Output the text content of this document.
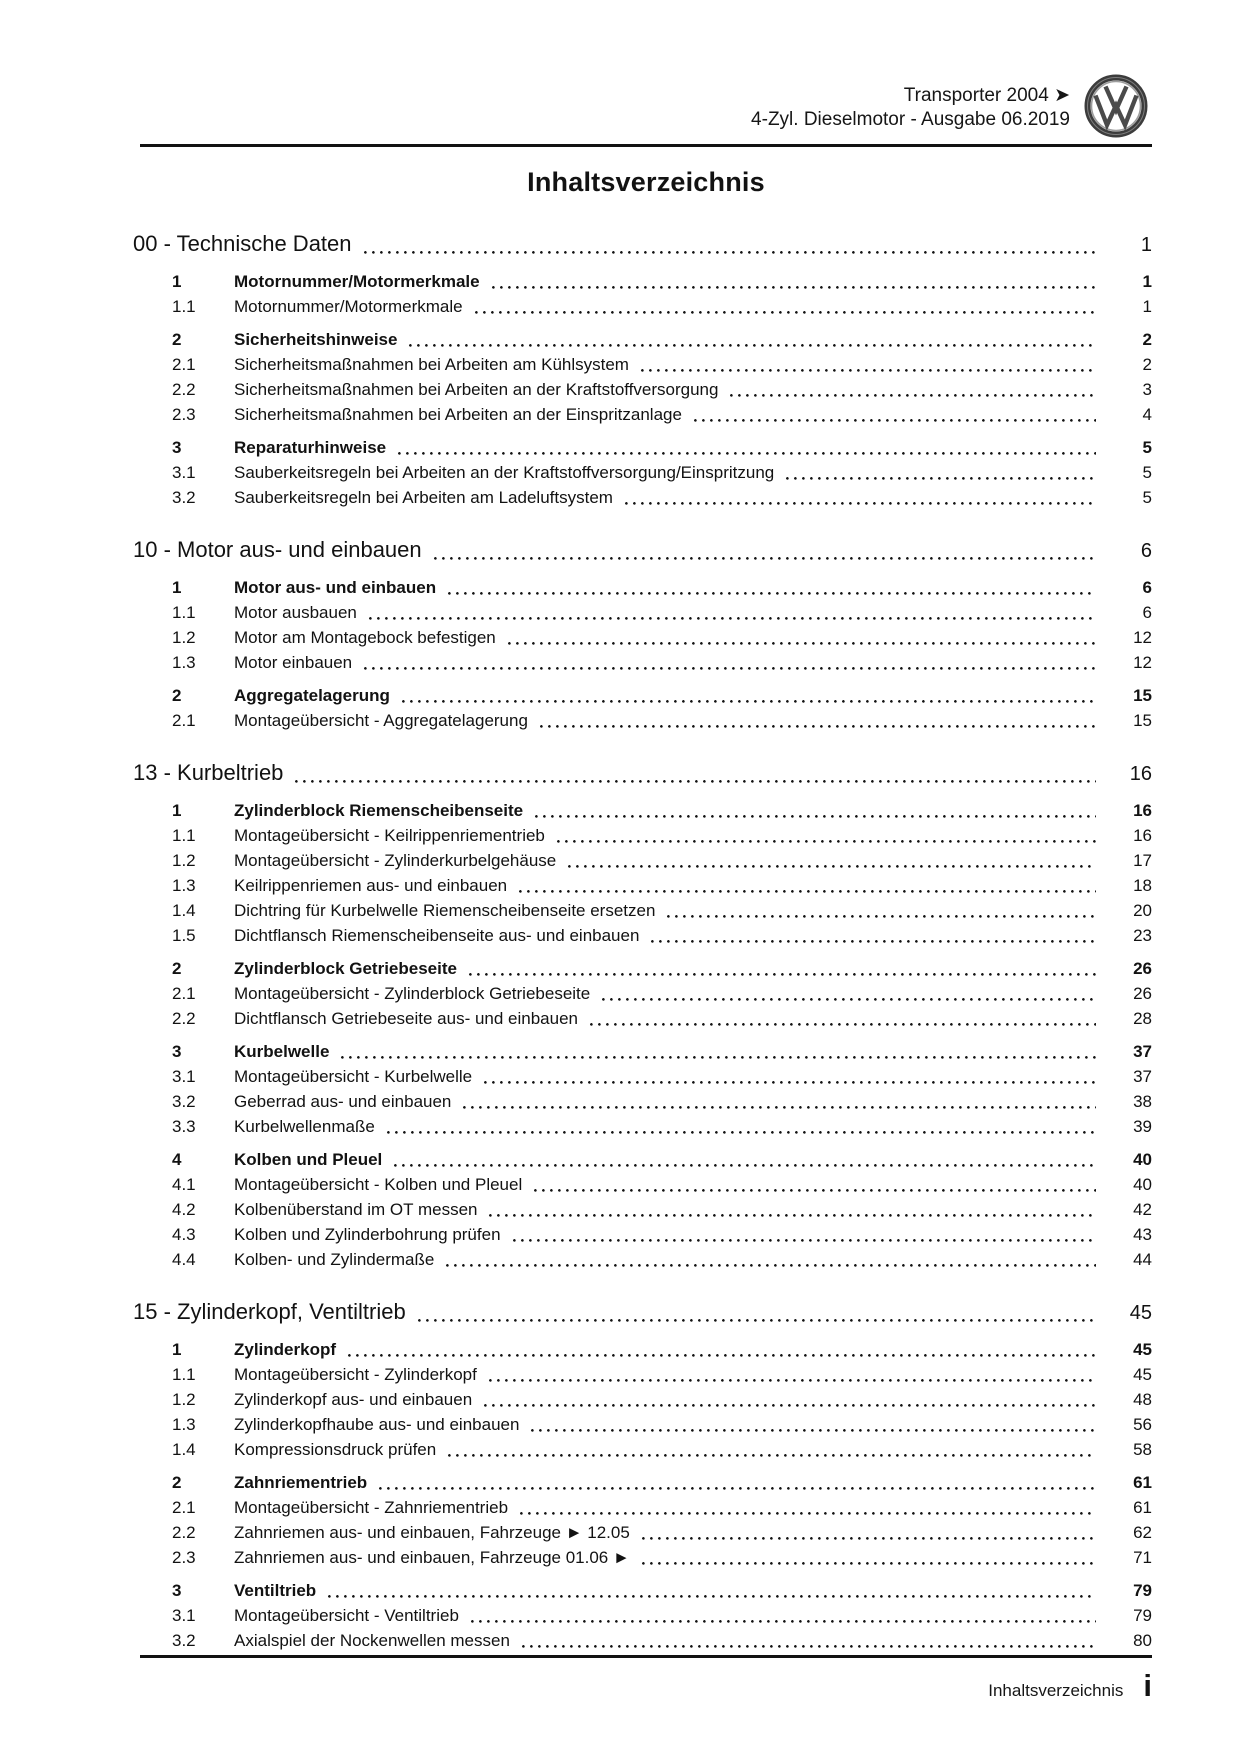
Transporter 2004 ➤
4-Zyl. Dieselmotor - Ausgabe 06.2019
Inhaltsverzeichnis
00 - Technische Daten	1
1	Motornummer/Motormerkmale	1
1.1	Motornummer/Motormerkmale	1
2	Sicherheitshinweise	2
2.1	Sicherheitsmaßnahmen bei Arbeiten am Kühlsystem	2
2.2	Sicherheitsmaßnahmen bei Arbeiten an der Kraftstoffversorgung	3
2.3	Sicherheitsmaßnahmen bei Arbeiten an der Einspritzanlage	4
3	Reparaturhinweise	5
3.1	Sauberkeitsregeln bei Arbeiten an der Kraftstoffversorgung/Einspritzung	5
3.2	Sauberkeitsregeln bei Arbeiten am Ladeluftsystem	5
10 - Motor aus- und einbauen	6
1	Motor aus- und einbauen	6
1.1	Motor ausbauen	6
1.2	Motor am Montagebock befestigen	12
1.3	Motor einbauen	12
2	Aggregatelagerung	15
2.1	Montageübersicht - Aggregatelagerung	15
13 - Kurbeltrieb	16
1	Zylinderblock Riemenscheibenseite	16
1.1	Montageübersicht - Keilrippenriementrieb	16
1.2	Montageübersicht - Zylinderkurbelgehäuse	17
1.3	Keilrippenriemen aus- und einbauen	18
1.4	Dichtring für Kurbelwelle Riemenscheibenseite ersetzen	20
1.5	Dichtflansch Riemenscheibenseite aus- und einbauen	23
2	Zylinderblock Getriebeseite	26
2.1	Montageübersicht - Zylinderblock Getriebeseite	26
2.2	Dichtflansch Getriebeseite aus- und einbauen	28
3	Kurbelwelle	37
3.1	Montageübersicht - Kurbelwelle	37
3.2	Geberrad aus- und einbauen	38
3.3	Kurbelwellenmaße	39
4	Kolben und Pleuel	40
4.1	Montageübersicht - Kolben und Pleuel	40
4.2	Kolbenüberstand im OT messen	42
4.3	Kolben und Zylinderbohrung prüfen	43
4.4	Kolben- und Zylindermaße	44
15 - Zylinderkopf, Ventiltrieb	45
1	Zylinderkopf	45
1.1	Montageübersicht - Zylinderkopf	45
1.2	Zylinderkopf aus- und einbauen	48
1.3	Zylinderkopfhaube aus- und einbauen	56
1.4	Kompressionsdruck prüfen	58
2	Zahnriementrieb	61
2.1	Montageübersicht - Zahnriementrieb	61
2.2	Zahnriemen aus- und einbauen, Fahrzeuge ► 12.05	62
2.3	Zahnriemen aus- und einbauen, Fahrzeuge 01.06 ►	71
3	Ventiltrieb	79
3.1	Montageübersicht - Ventiltrieb	79
3.2	Axialspiel der Nockenwellen messen	80
Inhaltsverzeichnis i
